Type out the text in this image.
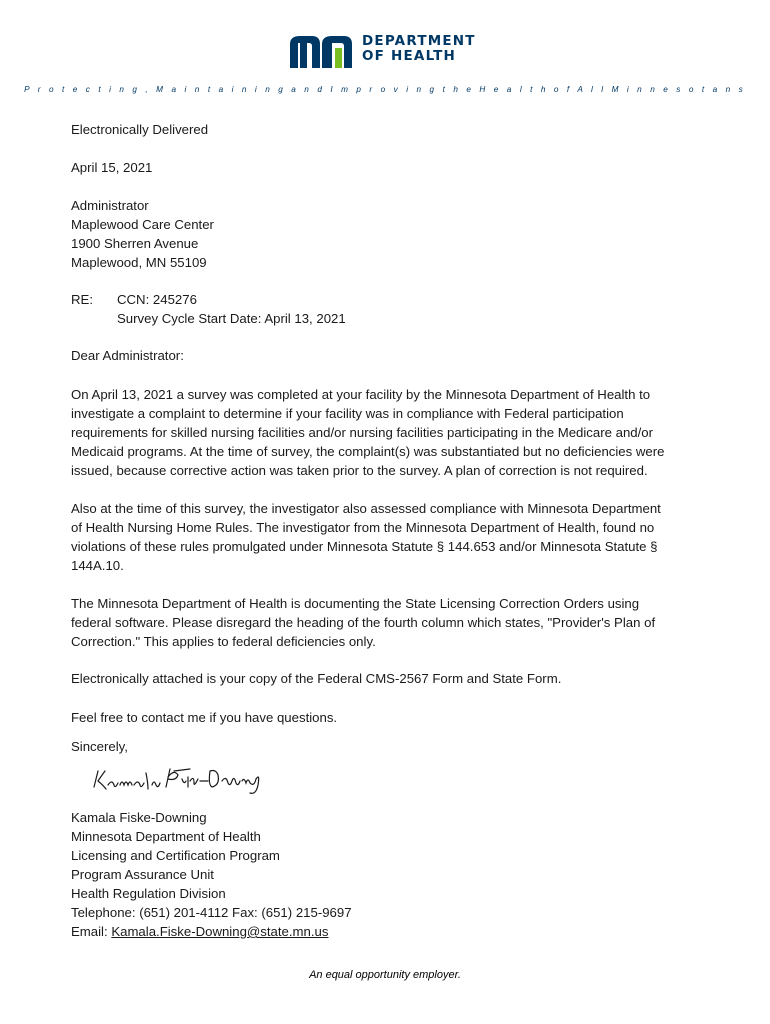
DEPARTMENT
OF HEALTH
P r o t e c t i n g , M a i n t a i n i n g a n d I m p r o v i n g t h e H e a l t h o f A l l M i n n e s o t a n s
Electronically Delivered
April 15, 2021
Administrator
Maplewood Care Center
1900 Sherren Avenue
Maplewood, MN 55109
RE: CCN: 245276
Survey Cycle Start Date: April 13, 2021
Dear Administrator:
On April 13, 2021 a survey was completed at your facility by the Minnesota Department of Health to
investigate a complaint to determine if your facility was in compliance with Federal participation
requirements for skilled nursing facilities and/or nursing facilities participating in the Medicare and/or
Medicaid programs. At the time of survey, the complaint(s) was substantiated but no deficiencies were
issued, because corrective action was taken prior to the survey. A plan of correction is not required.
Also at the time of this survey, the investigator also assessed compliance with Minnesota Department
of Health Nursing Home Rules. The investigator from the Minnesota Department of Health, found no
violations of these rules promulgated under Minnesota Statute § 144.653 and/or Minnesota Statute §
144A.10.
The Minnesota Department of Health is documenting the State Licensing Correction Orders using
federal software. Please disregard the heading of the fourth column which states, "Provider's Plan of
Correction." This applies to federal deficiencies only.
Electronically attached is your copy of the Federal CMS-2567 Form and State Form.
Feel free to contact me if you have questions.
Sincerely,
Kamala Fiske-Downing
Minnesota Department of Health
Licensing and Certification Program
Program Assurance Unit
Health Regulation Division
Telephone: (651) 201-4112 Fax: (651) 215-9697
Email: Kamala.Fiske-Downing@state.mn.us
An equal opportunity employer.
